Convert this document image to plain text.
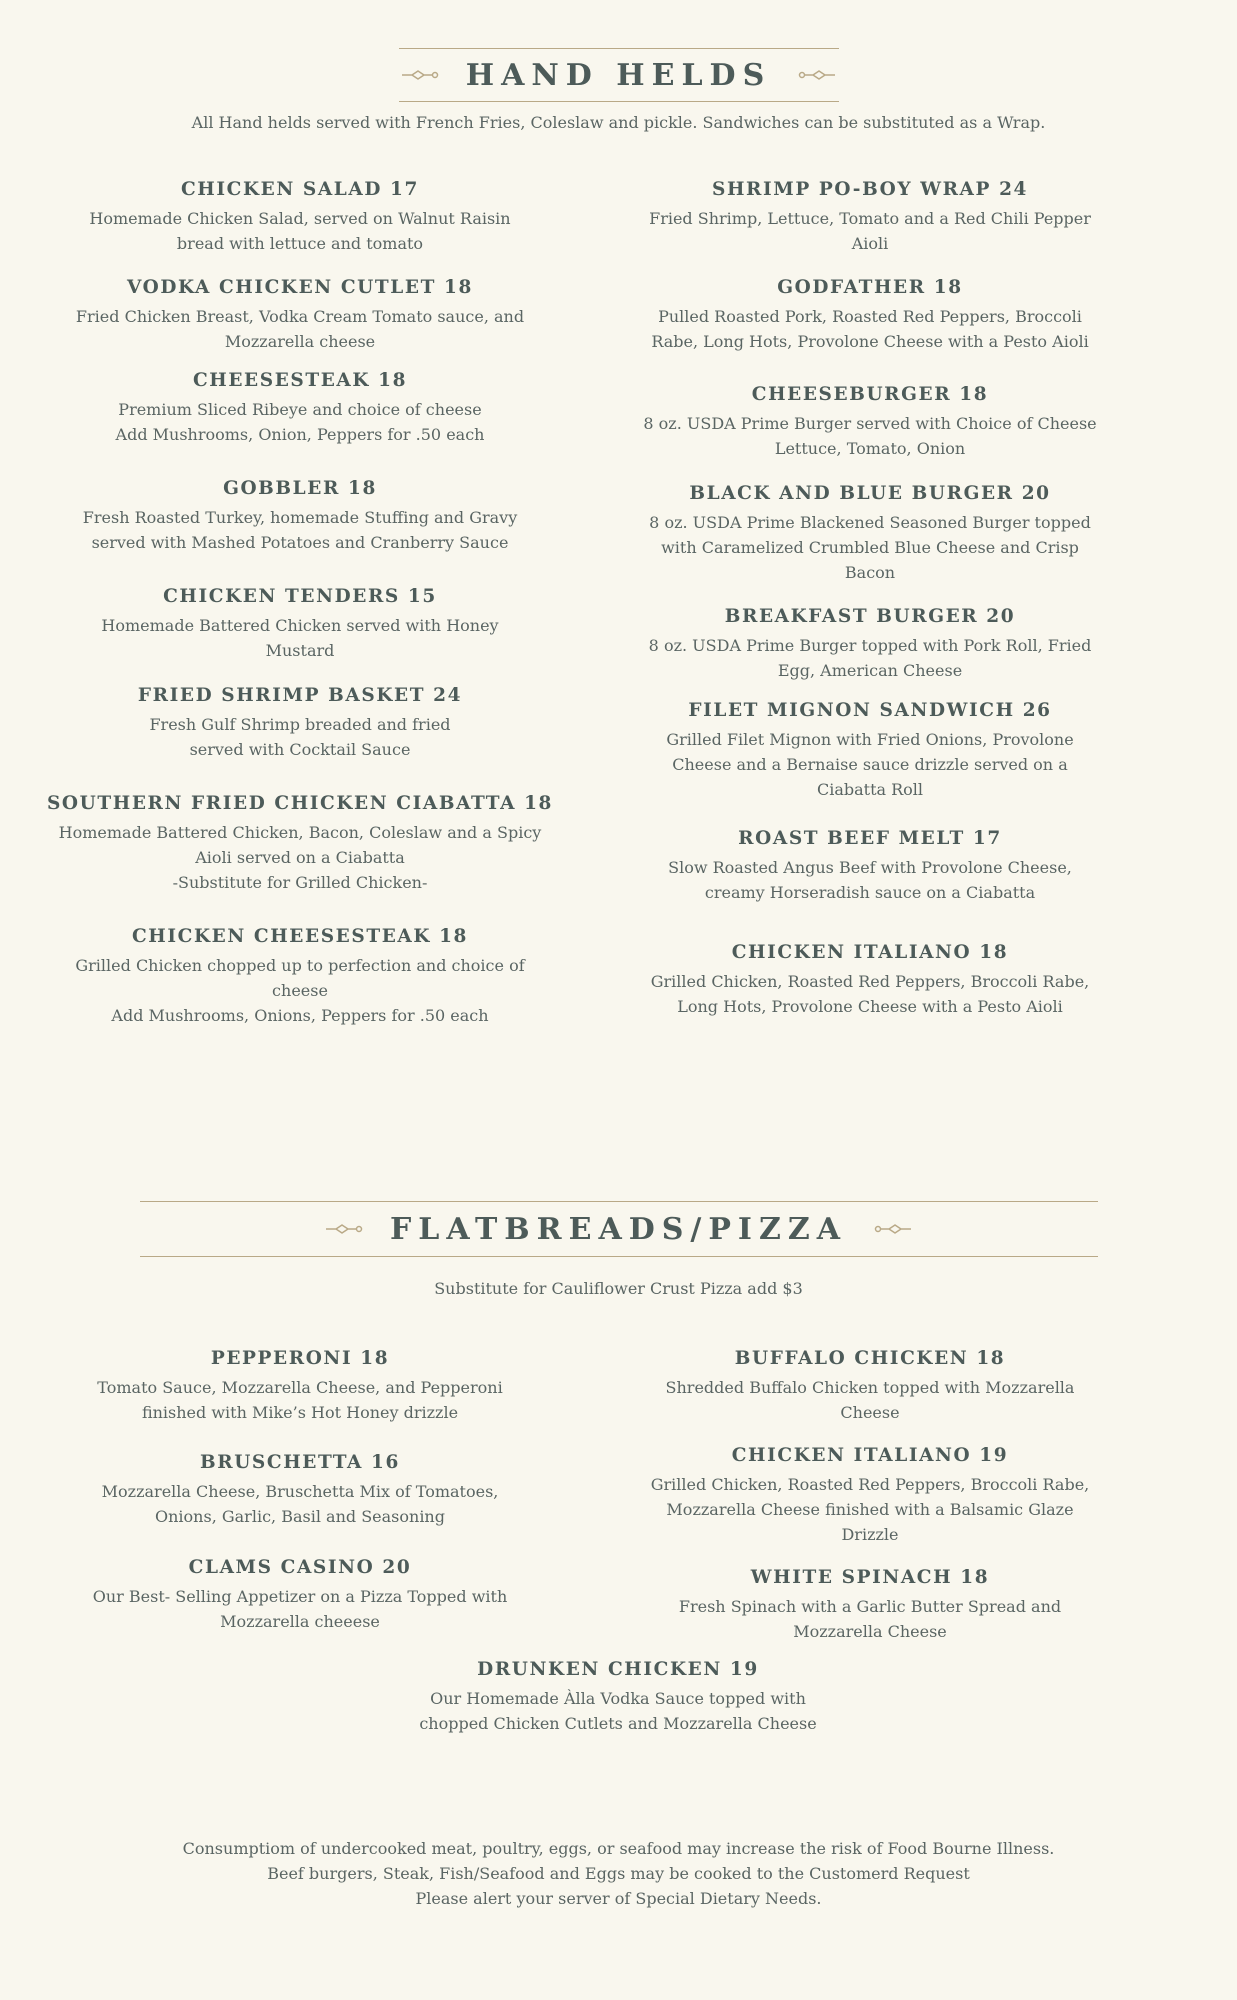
HAND HELDS
All Hand helds served with French Fries, Coleslaw and pickle. Sandwiches can be substituted as a Wrap.
CHICKEN SALAD 17
Homemade Chicken Salad, served on Walnut Raisin
bread with lettuce and tomato
VODKA CHICKEN CUTLET 18
Fried Chicken Breast, Vodka Cream Tomato sauce, and
Mozzarella cheese
CHEESESTEAK 18
Premium Sliced Ribeye and choice of cheese
Add Mushrooms, Onion, Peppers for .50 each
GOBBLER 18
Fresh Roasted Turkey, homemade Stuffing and Gravy
served with Mashed Potatoes and Cranberry Sauce
CHICKEN TENDERS 15
Homemade Battered Chicken served with Honey
Mustard
FRIED SHRIMP BASKET 24
Fresh Gulf Shrimp breaded and fried
served with Cocktail Sauce
SOUTHERN FRIED CHICKEN CIABATTA 18
Homemade Battered Chicken, Bacon, Coleslaw and a Spicy
Aioli served on a Ciabatta
-Substitute for Grilled Chicken-
CHICKEN CHEESESTEAK 18
Grilled Chicken chopped up to perfection and choice of
cheese
Add Mushrooms, Onions, Peppers for .50 each
SHRIMP PO-BOY WRAP 24
Fried Shrimp, Lettuce, Tomato and a Red Chili Pepper
Aioli
GODFATHER 18
Pulled Roasted Pork, Roasted Red Peppers, Broccoli
Rabe, Long Hots, Provolone Cheese with a Pesto Aioli
CHEESEBURGER 18
8 oz. USDA Prime Burger served with Choice of Cheese
Lettuce, Tomato, Onion
BLACK AND BLUE BURGER 20
8 oz. USDA Prime Blackened Seasoned Burger topped
with Caramelized Crumbled Blue Cheese and Crisp
Bacon
BREAKFAST BURGER 20
8 oz. USDA Prime Burger topped with Pork Roll, Fried
Egg, American Cheese
FILET MIGNON SANDWICH 26
Grilled Filet Mignon with Fried Onions, Provolone
Cheese and a Bernaise sauce drizzle served on a
Ciabatta Roll
ROAST BEEF MELT 17
Slow Roasted Angus Beef with Provolone Cheese,
creamy Horseradish sauce on a Ciabatta
CHICKEN ITALIANO 18
Grilled Chicken, Roasted Red Peppers, Broccoli Rabe,
Long Hots, Provolone Cheese with a Pesto Aioli
FLATBREADS/PIZZA
Substitute for Cauliflower Crust Pizza add $3
PEPPERONI 18
Tomato Sauce, Mozzarella Cheese, and Pepperoni
finished with Mike’s Hot Honey drizzle
BRUSCHETTA 16
Mozzarella Cheese, Bruschetta Mix of Tomatoes,
Onions, Garlic, Basil and Seasoning
CLAMS CASINO 20
Our Best- Selling Appetizer on a Pizza Topped with
Mozzarella cheeese
BUFFALO CHICKEN 18
Shredded Buffalo Chicken topped with Mozzarella
Cheese
CHICKEN ITALIANO 19
Grilled Chicken, Roasted Red Peppers, Broccoli Rabe,
Mozzarella Cheese finished with a Balsamic Glaze
Drizzle
WHITE SPINACH 18
Fresh Spinach with a Garlic Butter Spread and
Mozzarella Cheese
DRUNKEN CHICKEN 19
Our Homemade Àlla Vodka Sauce topped with
chopped Chicken Cutlets and Mozzarella Cheese
Consumptiom of undercooked meat, poultry, eggs, or seafood may increase the risk of Food Bourne Illness.
Beef burgers, Steak, Fish/Seafood and Eggs may be cooked to the Customerd Request
Please alert your server of Special Dietary Needs.
